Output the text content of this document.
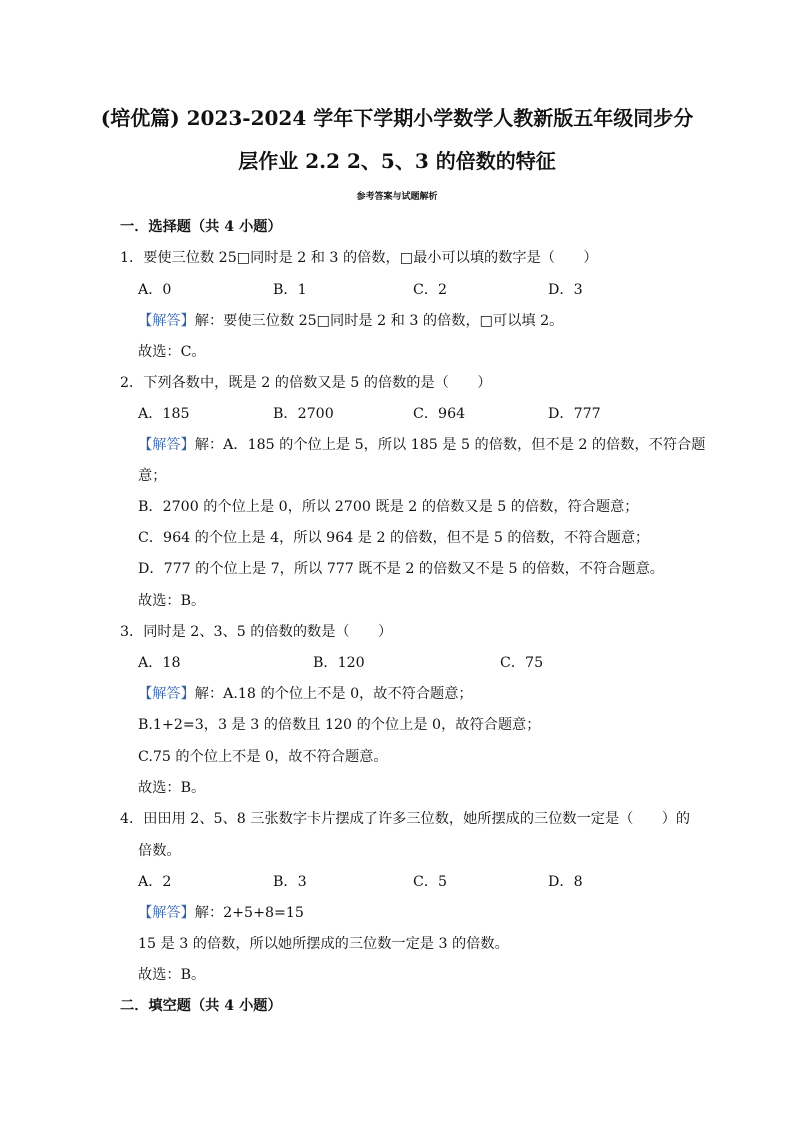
(培优篇) 2023-2024 学年下学期小学数学人教新版五年级同步分
层作业 2.2 2、5、3 的倍数的特征
参考答案与试题解析
一．选择题（共 4 小题）
1．要使三位数 25□同时是 2 和 3 的倍数，□最小可以填的数字是（　　）
A．0	B．1	C．2	D．3
【解答】解：要使三位数 25□同时是 2 和 3 的倍数，□可以填 2。
故选：C。
2．下列各数中，既是 2 的倍数又是 5 的倍数的是（　　）
A．185	B．2700	C．964	D．777
【解答】解：A．185 的个位上是 5，所以 185 是 5 的倍数，但不是 2 的倍数，不符合题
意；
B．2700 的个位上是 0，所以 2700 既是 2 的倍数又是 5 的倍数，符合题意；
C．964 的个位上是 4，所以 964 是 2 的倍数，但不是 5 的倍数，不符合题意；
D．777 的个位上是 7，所以 777 既不是 2 的倍数又不是 5 的倍数，不符合题意。
故选：B。
3．同时是 2、3、5 的倍数的数是（　　）
A．18	B．120	C．75
【解答】解：A.18 的个位上不是 0，故不符合题意；
B.1+2=3，3 是 3 的倍数且 120 的个位上是 0，故符合题意；
C.75 的个位上不是 0，故不符合题意。
故选：B。
4．田田用 2、5、8 三张数字卡片摆成了许多三位数，她所摆成的三位数一定是（　　）的
倍数。
A．2	B．3	C．5	D．8
【解答】解：2+5+8=15
15 是 3 的倍数，所以她所摆成的三位数一定是 3 的倍数。
故选：B。
二．填空题（共 4 小题）
